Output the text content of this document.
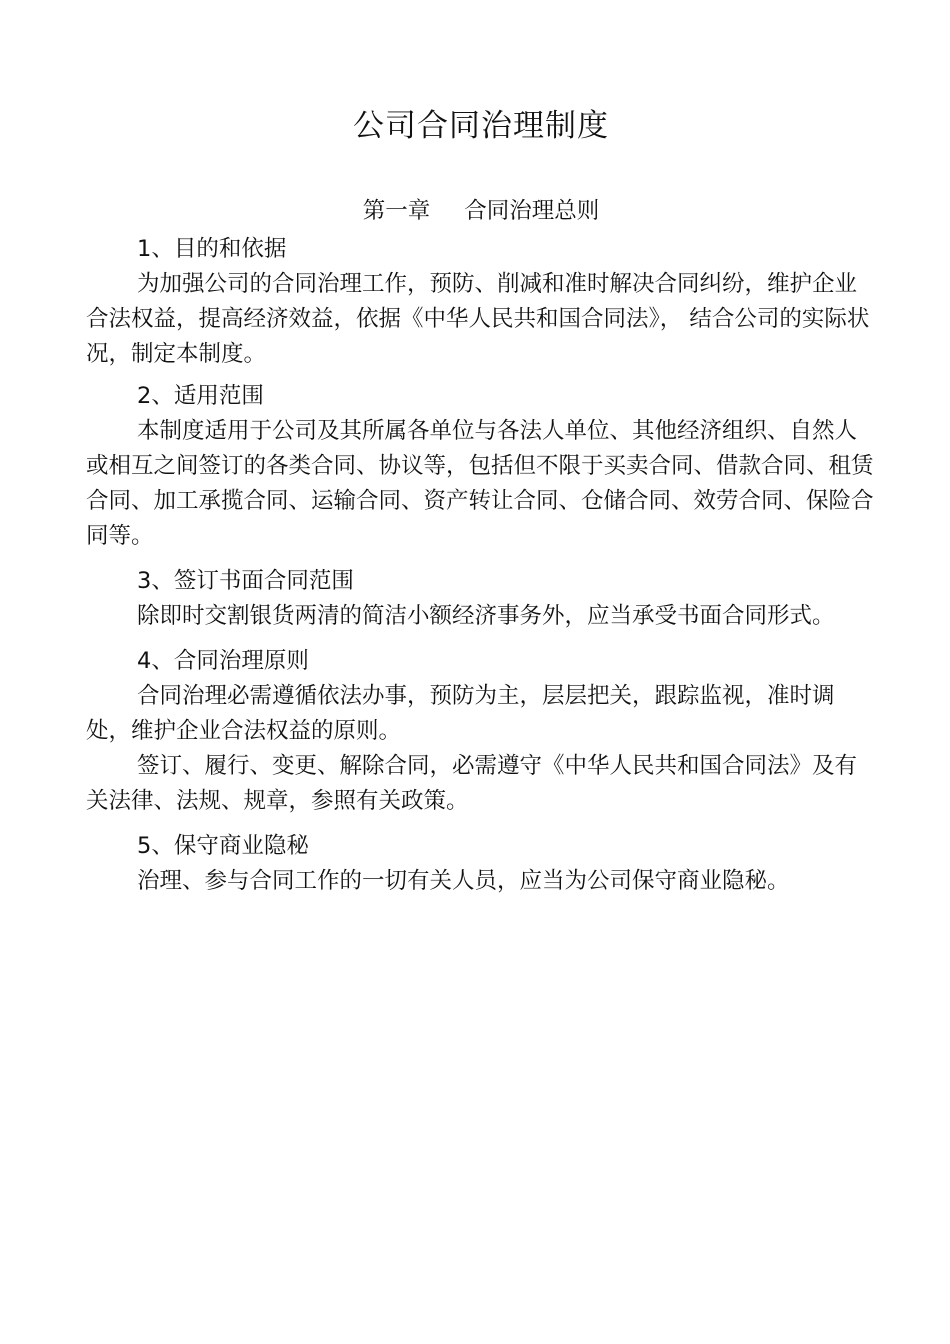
公司合同治理制度
第一章 合同治理总则
1、目的和依据

为加强公司的合同治理工作，预防、削减和准时解决合同纠纷，维护企业合法权益，提高经济效益，依据《中华人民共和国合同法》， 结合公司的实际状况，制定本制度。

2、适用范围

本制度适用于公司及其所属各单位与各法人单位、其他经济组织、自然人或相互之间签订的各类合同、协议等，包括但不限于买卖合同、借款合同、租赁合同、加工承揽合同、运输合同、资产转让合同、仓储合同、效劳合同、保险合同等。

3、签订书面合同范围

除即时交割银货两清的简洁小额经济事务外，应当承受书面合同形式。

4、合同治理原则

合同治理必需遵循依法办事，预防为主，层层把关，跟踪监视，准时调处，维护企业合法权益的原则。

签订、履行、变更、解除合同，必需遵守《中华人民共和国合同法》及有关法律、法规、规章，参照有关政策。

5、保守商业隐秘

治理、参与合同工作的一切有关人员，应当为公司保守商业隐秘。
